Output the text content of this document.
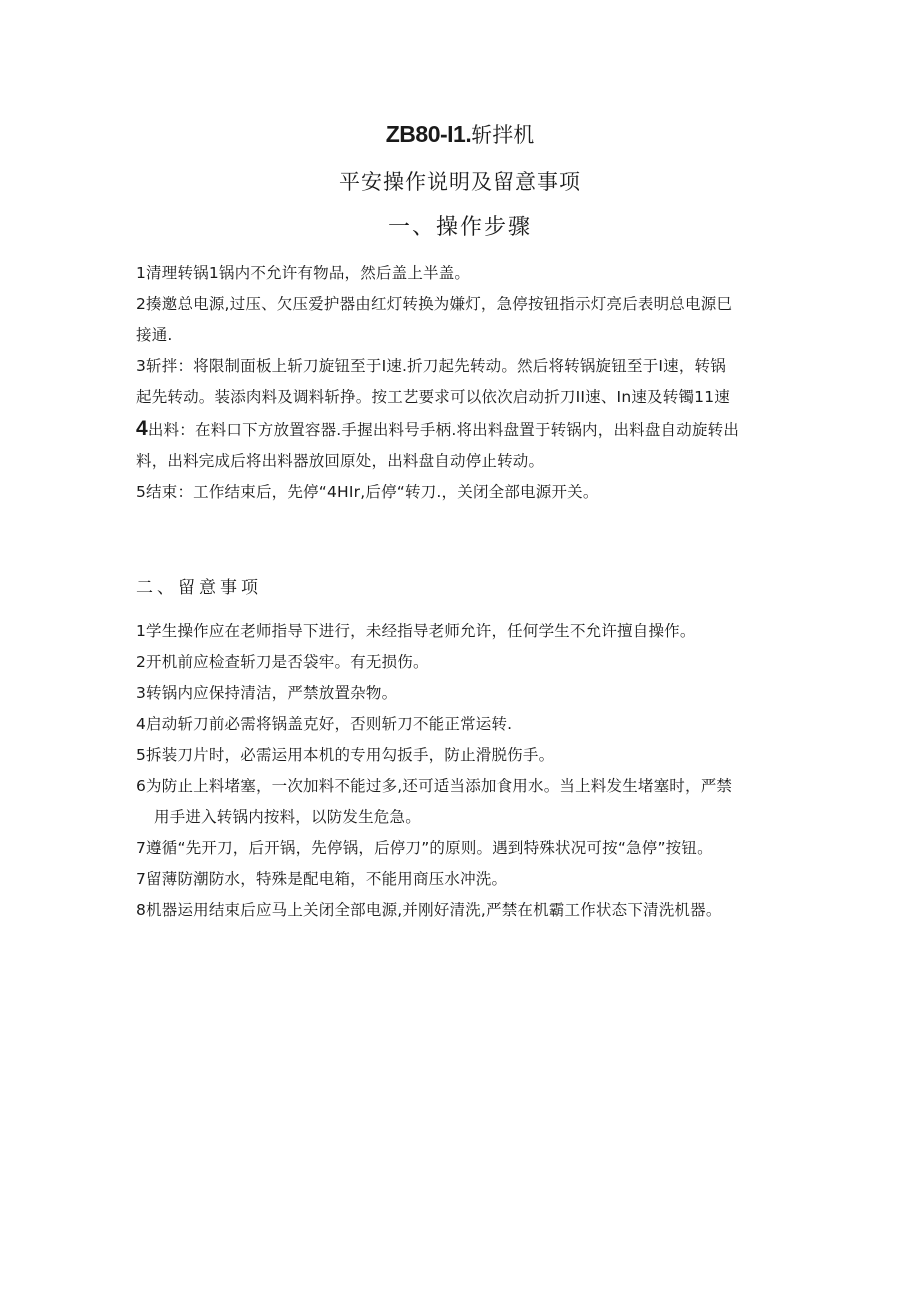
ZB80-I1.斩拌机
平安操作说明及留意事项
一、操作步骤
1清理转锅1锅内不允许有物品，然后盖上半盖。
2揍邀总电源,过压、欠压爱护器由红灯转换为嫌灯，急停按钮指示灯亮后表明总电源巳
接通.
3斩拌：将限制面板上斩刀旋钮至于I速.折刀起先转动。然后将转锅旋钮至于I速，转锅
起先转动。装添肉料及调料斩挣。按工艺要求可以依次启动折刀II速、In速及转镯11速
4出料：在料口下方放置容器.手握出料号手柄.将出料盘置于转锅内，出料盘自动旋转出
料，出料完成后将出料器放回原处，出料盘自动停止转动。
5结束：工作结束后，先停“4HIr,后停“转刀.，关闭全部电源开关。
二、留意事项
1学生操作应在老师指导下进行，未经指导老师允许，任何学生不允许擅自操作。
2开机前应检查斩刀是否袋牢。有无损伤。
3转锅内应保持清洁，严禁放置杂物。
4启动斩刀前必需将锅盖克好，否则斩刀不能正常运转.
5拆装刀片时，必需运用本机的专用勾扳手，防止滑脱伤手。
6为防止上料堵塞，一次加料不能过多,还可适当添加食用水。当上料发生堵塞时，严禁
用手进入转锅内按料，以防发生危急。
7遵循“先开刀，后开锅，先停锅，后停刀”的原则。遇到特殊状况可按“急停”按钮。
7留薄防潮防水，特殊是配电箱，不能用商压水冲洗。
8机器运用结束后应马上关闭全部电源,并刚好清洗,严禁在机霸工作状态下清洗机器。
